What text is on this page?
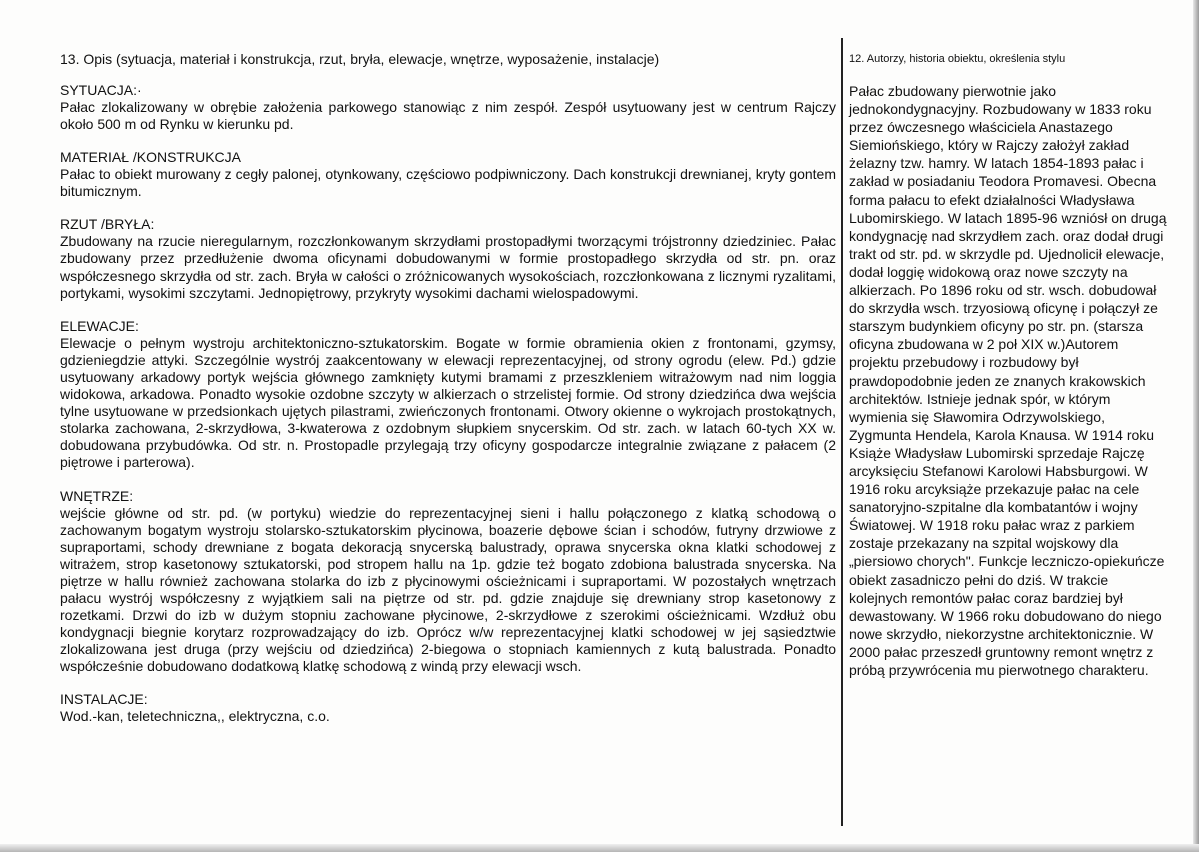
13. Opis (sytuacja, materiał i konstrukcja, rzut, bryła, elewacje, wnętrze, wyposażenie, instalacje)
SYTUACJA:·
Pałac zlokalizowany w obrębie założenia parkowego stanowiąc z nim zespół. Zespół usytuowany jest w centrum Rajczy około 500 m od Rynku w kierunku pd.
MATERIAŁ /KONSTRUKCJA
Pałac to obiekt murowany z cegły palonej, otynkowany, częściowo podpiwniczony. Dach konstrukcji drewnianej, kryty gontem bitumicznym.
RZUT /BRYŁA:
Zbudowany na rzucie nieregularnym, rozczłonkowanym skrzydłami prostopadłymi tworzącymi trójstronny dziedziniec. Pałac zbudowany przez przedłużenie dwoma oficynami dobudowanymi w formie prostopadłego skrzydła od str. pn. oraz współczesnego skrzydła od str. zach. Bryła w całości o zróżnicowanych wysokościach, rozczłonkowana z licznymi ryzalitami, portykami, wysokimi szczytami. Jednopiętrowy, przykryty wysokimi dachami wielospadowymi.
ELEWACJE:
Elewacje o pełnym wystroju architektoniczno-sztukatorskim. Bogate w formie obramienia okien z frontonami, gzymsy, gdzieniegdzie attyki. Szczególnie wystrój zaakcentowany w elewacji reprezentacyjnej, od strony ogrodu (elew. Pd.) gdzie usytuowany arkadowy portyk wejścia głównego zamknięty kutymi bramami z przeszkleniem witrażowym nad nim loggia widokowa, arkadowa. Ponadto wysokie ozdobne szczyty w alkierzach o strzelistej formie. Od strony dziedzińca dwa wejścia tylne usytuowane w przedsionkach ujętych pilastrami, zwieńczonych frontonami. Otwory okienne o wykrojach prostokątnych, stolarka zachowana, 2-skrzydłowa, 3-kwaterowa z ozdobnym słupkiem snycerskim. Od str. zach. w latach 60-tych XX w. dobudowana przybudówka. Od str. n. Prostopadle przylegają trzy oficyny gospodarcze integralnie związane z pałacem (2 piętrowe i parterowa).
WNĘTRZE:
wejście główne od str. pd. (w portyku) wiedzie do reprezentacyjnej sieni i hallu połączonego z klatką schodową o zachowanym bogatym wystroju stolarsko-sztukatorskim płycinowa, boazerie dębowe ścian i schodów, futryny drzwiowe z supraportami, schody drewniane z bogata dekoracją snycerską balustrady, oprawa snycerska okna klatki schodowej z witrażem, strop kasetonowy sztukatorski, pod stropem hallu na 1p. gdzie też bogato zdobiona balustrada snycerska. Na piętrze w hallu również zachowana stolarka do izb z płycinowymi ościeżnicami i supraportami. W pozostałych wnętrzach pałacu wystrój współczesny z wyjątkiem sali na piętrze od str. pd. gdzie znajduje się drewniany strop kasetonowy z rozetkami. Drzwi do izb w dużym stopniu zachowane płycinowe, 2-skrzydłowe z szerokimi ościeżnicami. Wzdłuż obu kondygnacji biegnie korytarz rozprowadzający do izb. Oprócz w/w reprezentacyjnej klatki schodowej w jej sąsiedztwie zlokalizowana jest druga (przy wejściu od dziedzińca) 2-biegowa o stopniach kamiennych z kutą balustrada. Ponadto współcześnie dobudowano dodatkową klatkę schodową z windą przy elewacji wsch.
INSTALACJE:
Wod.-kan, teletechniczna,, elektryczna, c.o.
12. Autorzy, historia obiektu, określenia stylu
Pałac zbudowany pierwotnie jako jednokondygnacyjny. Rozbudowany w 1833 roku przez ówczesnego właściciela Anastazego Siemiońskiego, który w Rajczy założył zakład żelazny tzw. hamry. W latach 1854-1893 pałac i zakład w posiadaniu Teodora Promavesi. Obecna forma pałacu to efekt działalności Władysława Lubomirskiego. W latach 1895-96 wzniósł on drugą kondygnację nad skrzydłem zach. oraz dodał drugi trakt od str. pd. w skrzydle pd. Ujednolicił elewacje, dodał loggię widokową oraz nowe szczyty na alkierzach. Po 1896 roku od str. wsch. dobudował do skrzydła wsch. trzyosiową oficynę i połączył ze starszym budynkiem oficyny po str. pn. (starsza oficyna zbudowana w 2 poł XIX w.)Autorem projektu przebudowy i rozbudowy był prawdopodobnie jeden ze znanych krakowskich architektów. Istnieje jednak spór, w którym wymienia się Sławomira Odrzywolskiego, Zygmunta Hendela, Karola Knausa. W 1914 roku Książe Władysław Lubomirski sprzedaje Rajczę arcyksięciu Stefanowi Karolowi Habsburgowi. W 1916 roku arcyksiąże przekazuje pałac na cele sanatoryjno-szpitalne dla kombatantów i wojny Światowej. W 1918 roku pałac wraz z parkiem zostaje przekazany na szpital wojskowy dla „piersiowo chorych". Funkcje leczniczo-opiekuńcze obiekt zasadniczo pełni do dziś. W trakcie kolejnych remontów pałac coraz bardziej był dewastowany. W 1966 roku dobudowano do niego nowe skrzydło, niekorzystne architektonicznie. W 2000 pałac przeszedł gruntowny remont wnętrz z próbą przywrócenia mu pierwotnego charakteru.
